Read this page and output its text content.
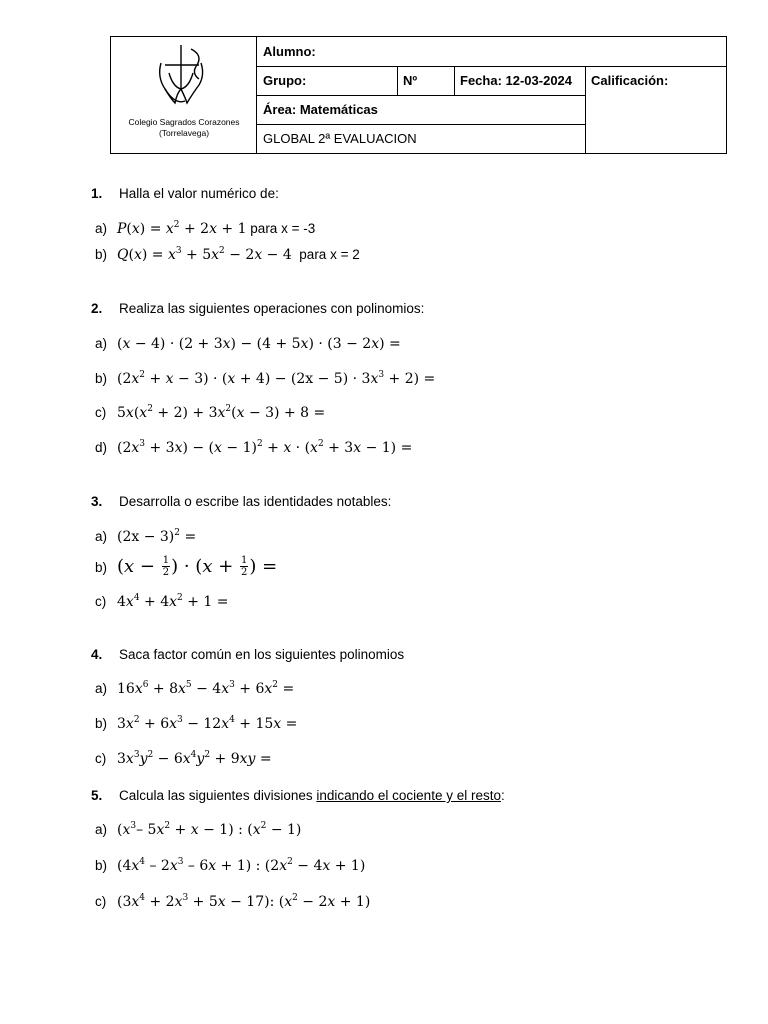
Colegio Sagrados Corazones
(Torrelavega)
Alumno:
Grupo:	Nº	Fecha: 12-03-2024	Calificación:
Área: Matemáticas
GLOBAL 2ª EVALUACION
1. Halla el valor numérico de:
a) $P(x) = x^2 + 2x + 1$ para x = -3
b) $Q(x) = x^3 + 5x^2 - 2x - 4$ para x = 2
2. Realiza las siguientes operaciones con polinomios:
a) (x − 4) · (2 + 3x) − (4 + 5x) · (3 − 2x) =
b) $(2x^2 + x - 3) \cdot (x + 4) - (2x - 5) \cdot 3x^3 + 2$) =
c) $5x(x^2 + 2) + 3x^2(x - 3) + 8$ =
d) $(2x^3 + 3x) - (x - 1)^2 + x \cdot (x^2 + 3x - 1)$ =
3. Desarrolla o escribe las identidades notables:
a) $(2x - 3)^2$ =
b) ($x - \frac{1}{2}$ ) · ($x + \frac{1}{2}$ ) =
c) $4x^4 + 4x^2 + 1$ =
4. Saca factor común en los siguientes polinomios
a) $16x^6 + 8x^5 - 4x^3 + 6x^2$ =
b) $3x^2 + 6x^3 - 12x^4 + 15x$ =
c) $3x^3y^2 - 6x^4y^2 + 9xy$ =
5. Calcula las siguientes divisiones indicando el cociente y el resto:
a) ($x^3-$ $5x^2 + x - 1$) : $(x^2 - 1)$
b) $(4x^4 - 2x^3 - 6x + 1)$ : $(2x^2 - 4x + 1)$
c) $(3x^4 + 2x^3 + 5x - 17)$: $(x^2 - 2x + 1)$
